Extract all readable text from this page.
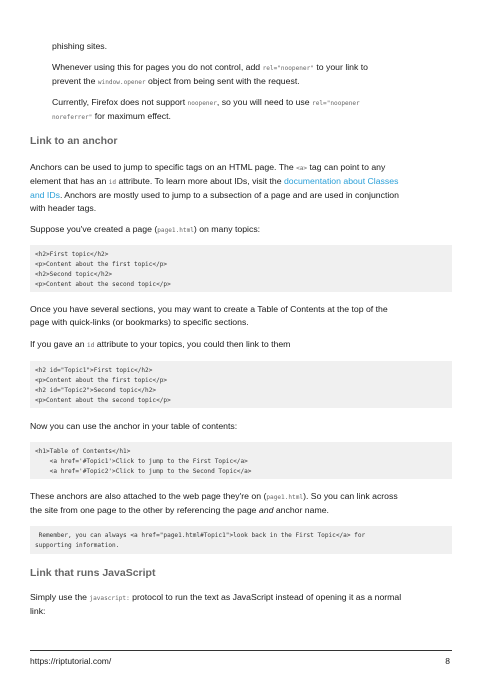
phishing sites.

Whenever using this for pages you do not control, add rel="noopener" to your link to

prevent the window.opener object from being sent with the request.

Currently, Firefox does not support noopener, so you will need to use rel="noopener

noreferrer" for maximum effect.

Link to an anchor

Anchors can be used to jump to specific tags on an HTML page. The <a> tag can point to any

element that has an id attribute. To learn more about IDs, visit the documentation about Classes

and IDs. Anchors are mostly used to jump to a subsection of a page and are used in conjunction

with header tags.

Suppose you've created a page (page1.html) on many topics:

<h2>First topic</h2>
<p>Content about the first topic</p>
<h2>Second topic</h2>
<p>Content about the second topic</p>

Once you have several sections, you may want to create a Table of Contents at the top of the

page with quick-links (or bookmarks) to specific sections.

If you gave an id attribute to your topics, you could then link to them

<h2 id="Topic1">First topic</h2>
<p>Content about the first topic</p>
<h2 id="Topic2">Second topic</h2>
<p>Content about the second topic</p>

Now you can use the anchor in your table of contents:

<h1>Table of Contents</h1>
<a href='#Topic1'>Click to jump to the First Topic</a>
<a href='#Topic2'>Click to jump to the Second Topic</a>

These anchors are also attached to the web page they're on (page1.html). So you can link across

the site from one page to the other by referencing the page and anchor name.

Remember, you can always <a href="page1.html#Topic1">look back in the First Topic</a> for
supporting information.
Link that runs JavaScript

Simply use the javascript: protocol to run the text as JavaScript instead of opening it as a normal

link:

https://riptutorial.com/	8
